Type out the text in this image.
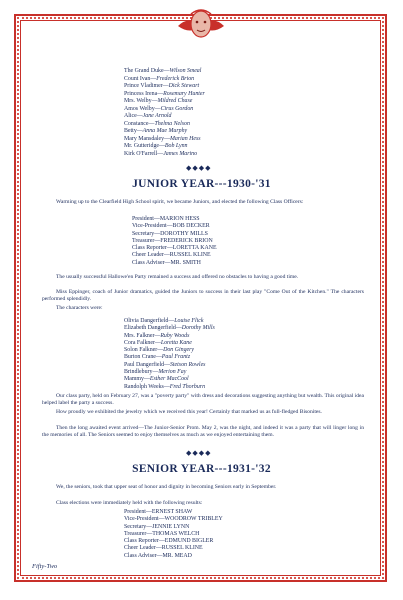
The Grand Duke—Wilson Smeal
Count Ivan—Frederick Brion
Prince Vladimer—Dick Stewart
Princess Irena—Rosemary Hunter
Mrs. Welby—Mildred Chase
Amos Welby—Cirus Gordon
Alice—Jane Arnold
Constance—Thelma Nelson
Betty—Anna Mae Murphy
Mary Mansdaley—Marian Hess
Mr. Gutteridge—Bob Lynn
Kirk O'Farrell—James Marino
◆◆◆◆
JUNIOR YEAR---1930-'31
Warming up to the Clearfield High School spirit, we became Juniors, and elected the following Class Officers:
President—MARION HESS
Vice-President—BOB DECKER
Secretary—DOROTHY MILLS
Treasurer—FREDERICK BRION
Class Reporter—LORETTA KANE
Cheer Leader—RUSSEL KLINE
Class Adviser—MR. SMITH
The usually successful Hallowe'en Party remained a success and offered no obstacles to having a good time.
Miss Eppinger, coach of Junior dramatics, guided the Juniors to success in their last play "Come Out of the Kitchen." The characters performed splendidly.
The characters were:
Olivia Dangerfield—Louise Flick
Elizabeth Dangerfield—Dorothy Mills
Mrs. Falkner—Ruby Woods
Cora Falkner—Loretta Kane
Solon Falkner—Don Gingery
Burton Crane—Paul Frantz
Paul Dangerfield—Stetson Rowles
Brindlebury—Merion Fay
Mammy—Esther MacCool
Randolph Weeks—Fred Thorburn
Our class party, held on February 27, was a "poverty party" with dress and decorations suggesting anything but wealth. This original idea helped label the party a success.
How proudly we exhibited the jewelry which we received this year! Certainly that marked us as full-fledged Bisonites.
Then the long awaited event arrived—The Junior-Senior Prom. May 2, was the night, and indeed it was a party that will linger long in the memories of all. The Seniors seemed to enjoy themselves as much as we enjoyed entertaining them.
◆◆◆◆
SENIOR YEAR---1931-'32
We, the seniors, took that upper seat of honor and dignity in becoming Seniors early in September.
Class elections were immediately held with the following results:
President—ERNEST SHAW
Vice-President—WOODROW TRIBLEY
Secretary—JENNIE LYNN
Treasurer—THOMAS WELCH
Class Reporter—EDMUND BIGLER
Cheer Leader—RUSSEL KLINE
Class Adviser—MR. MEAD
Fifty-Two
